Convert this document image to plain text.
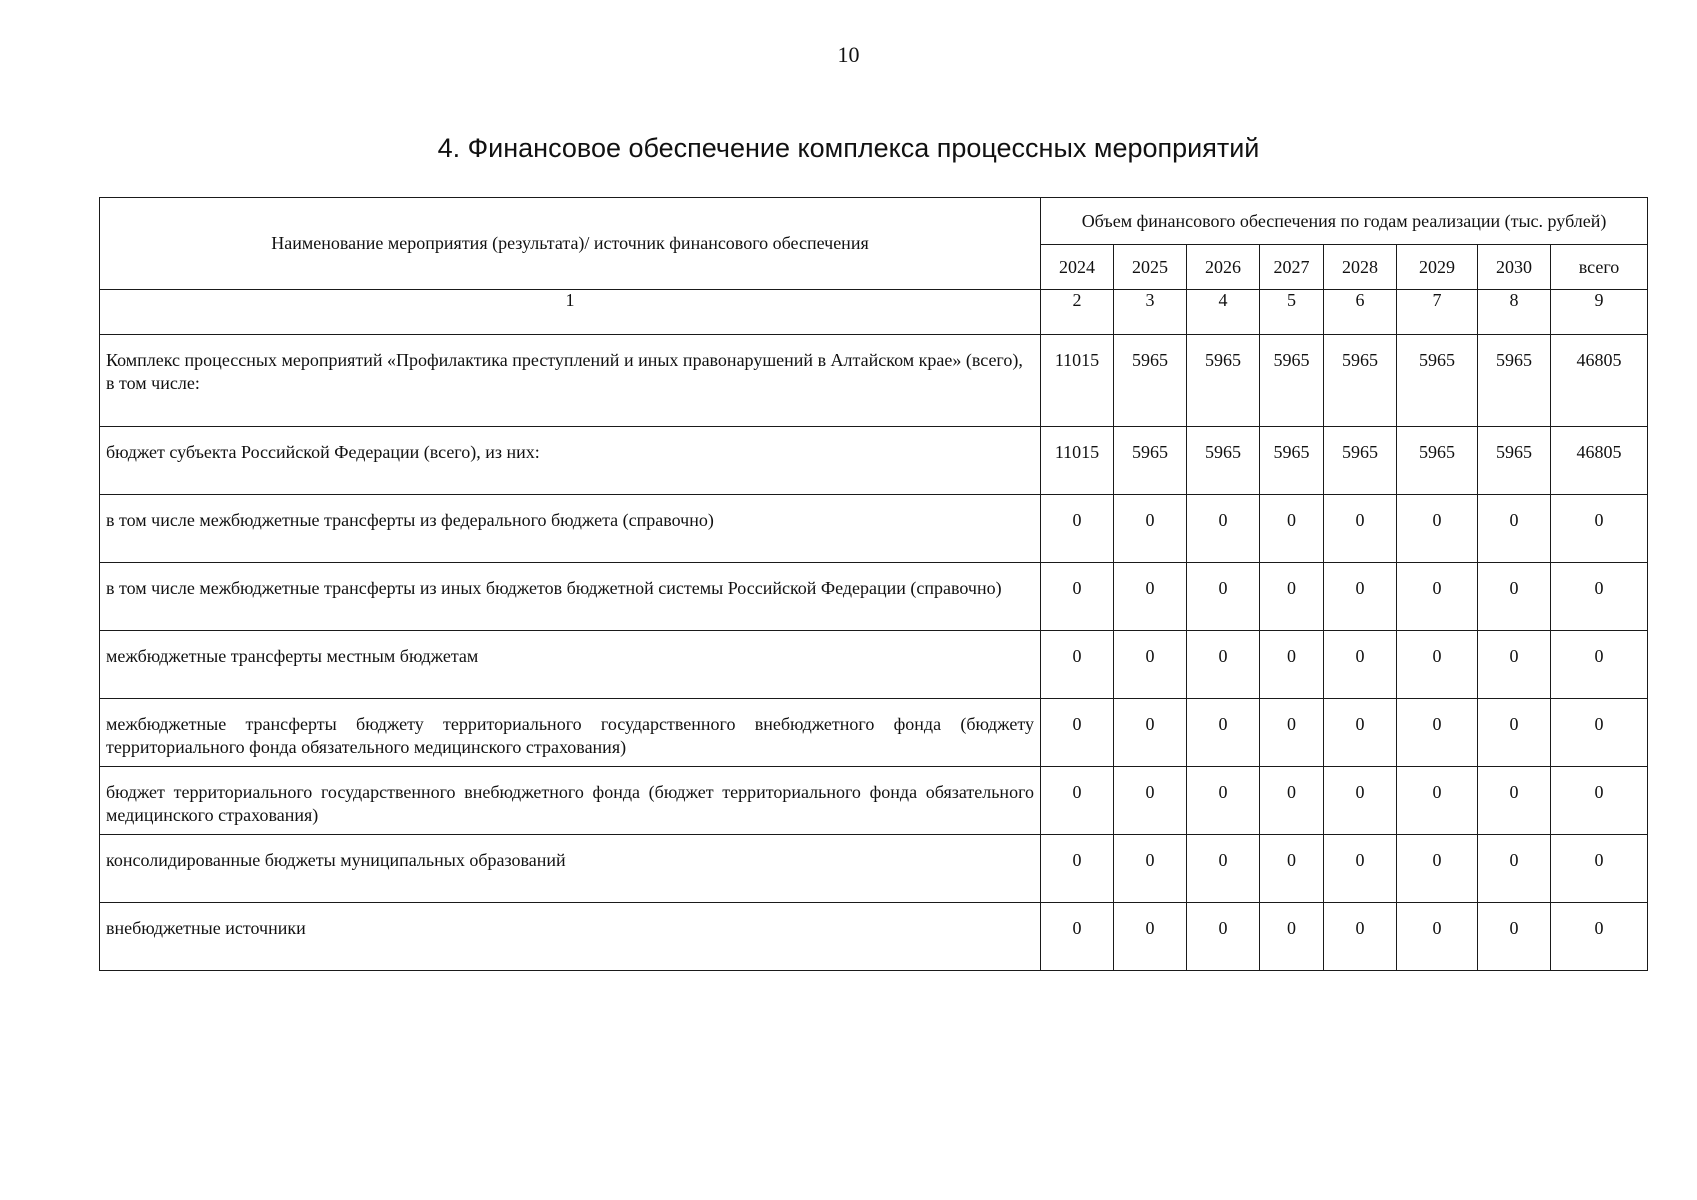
10
4. Финансовое обеспечение комплекса процессных мероприятий
Наименование мероприятия (результата)/ источник финансового обеспечения	Объем финансового обеспечения по годам реализации (тыс. рублей)							
	2024	2025	2026	2027	2028	2029	2030	всего
1	2	3	4	5	6	7	8	9
Комплекс процессных мероприятий «Профилактика преступлений и иных правонарушений в Алтайском крае» (всего),
в том числе:	11015	5965	5965	5965	5965	5965	5965	46805
бюджет субъекта Российской Федерации (всего), из них:	11015	5965	5965	5965	5965	5965	5965	46805
в том числе межбюджетные трансферты из федерального бюджета (справочно)	0	0	0	0	0	0	0	0
в том числе межбюджетные трансферты из иных бюджетов бюджетной системы Российской Федерации (справочно)	0	0	0	0	0	0	0	0
межбюджетные трансферты местным бюджетам	0	0	0	0	0	0	0	0
межбюджетные трансферты бюджету территориального государственного внебюджетного фонда (бюджету территориального фонда обязательного медицинского страхования)	0	0	0	0	0	0	0	0
бюджет территориального государственного внебюджетного фонда (бюджет территориального фонда обязательного медицинского страхования)	0	0	0	0	0	0	0	0
консолидированные бюджеты муниципальных образований	0	0	0	0	0	0	0	0
внебюджетные источники	0	0	0	0	0	0	0	0
